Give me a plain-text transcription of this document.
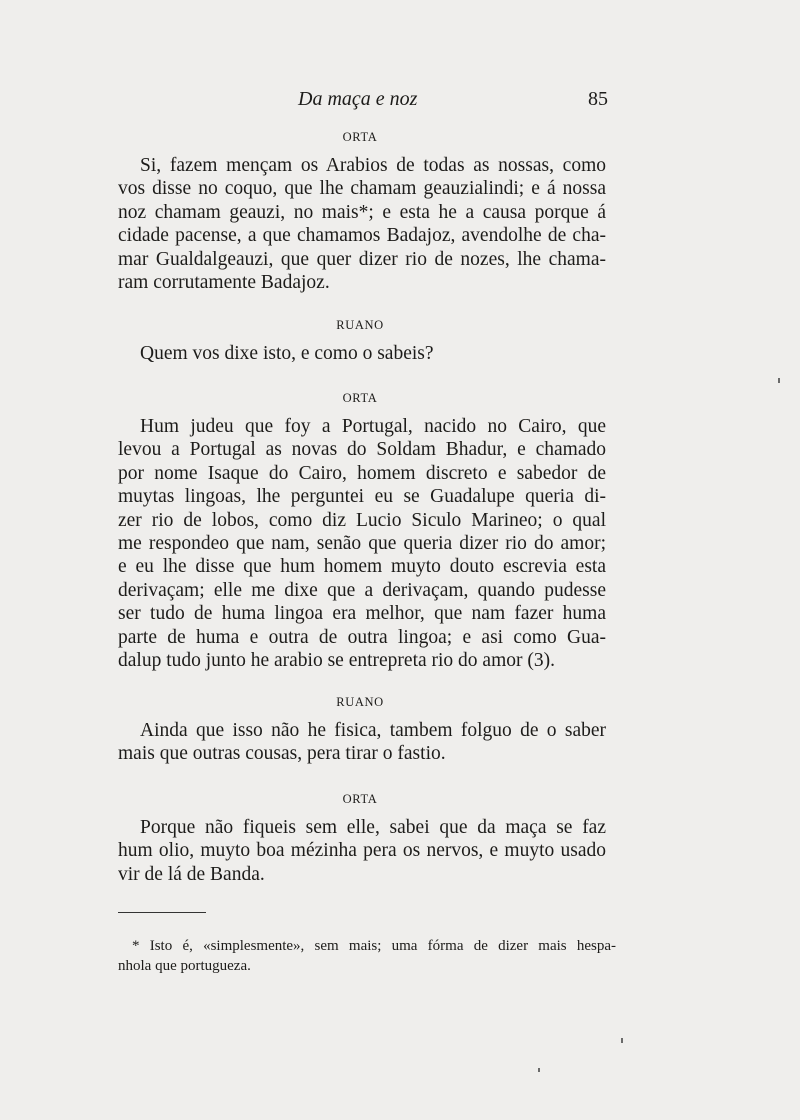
Da maça e noz	85
ORTA
Si, fazem mençam os Arabios de todas as nossas, como
vos disse no coquo, que lhe chamam geauzialindi; e á nossa
noz chamam geauzi, no mais*; e esta he a causa porque á
cidade pacense, a que chamamos Badajoz, avendolhe de cha-
mar Gualdalgeauzi, que quer dizer rio de nozes, lhe chama-
ram corrutamente Badajoz.
RUANO
Quem vos dixe isto, e como o sabeis?
ORTA
Hum judeu que foy a Portugal, nacido no Cairo, que
levou a Portugal as novas do Soldam Bhadur, e chamado
por nome Isaque do Cairo, homem discreto e sabedor de
muytas lingoas, lhe perguntei eu se Guadalupe queria di-
zer rio de lobos, como diz Lucio Siculo Marineo; o qual
me respondeo que nam, senão que queria dizer rio do amor;
e eu lhe disse que hum homem muyto douto escrevia esta
derivaçam; elle me dixe que a derivaçam, quando pudesse
ser tudo de huma lingoa era melhor, que nam fazer huma
parte de huma e outra de outra lingoa; e asi como Gua-
dalup tudo junto he arabio se entrepreta rio do amor (3).
RUANO
Ainda que isso não he fisica, tambem folguo de o saber
mais que outras cousas, pera tirar o fastio.
ORTA
Porque não fiqueis sem elle, sabei que da maça se faz
hum olio, muyto boa mézinha pera os nervos, e muyto usado
vir de lá de Banda.
* Isto é, «simplesmente», sem mais; uma fórma de dizer mais hespa-
nhola que portugueza.
